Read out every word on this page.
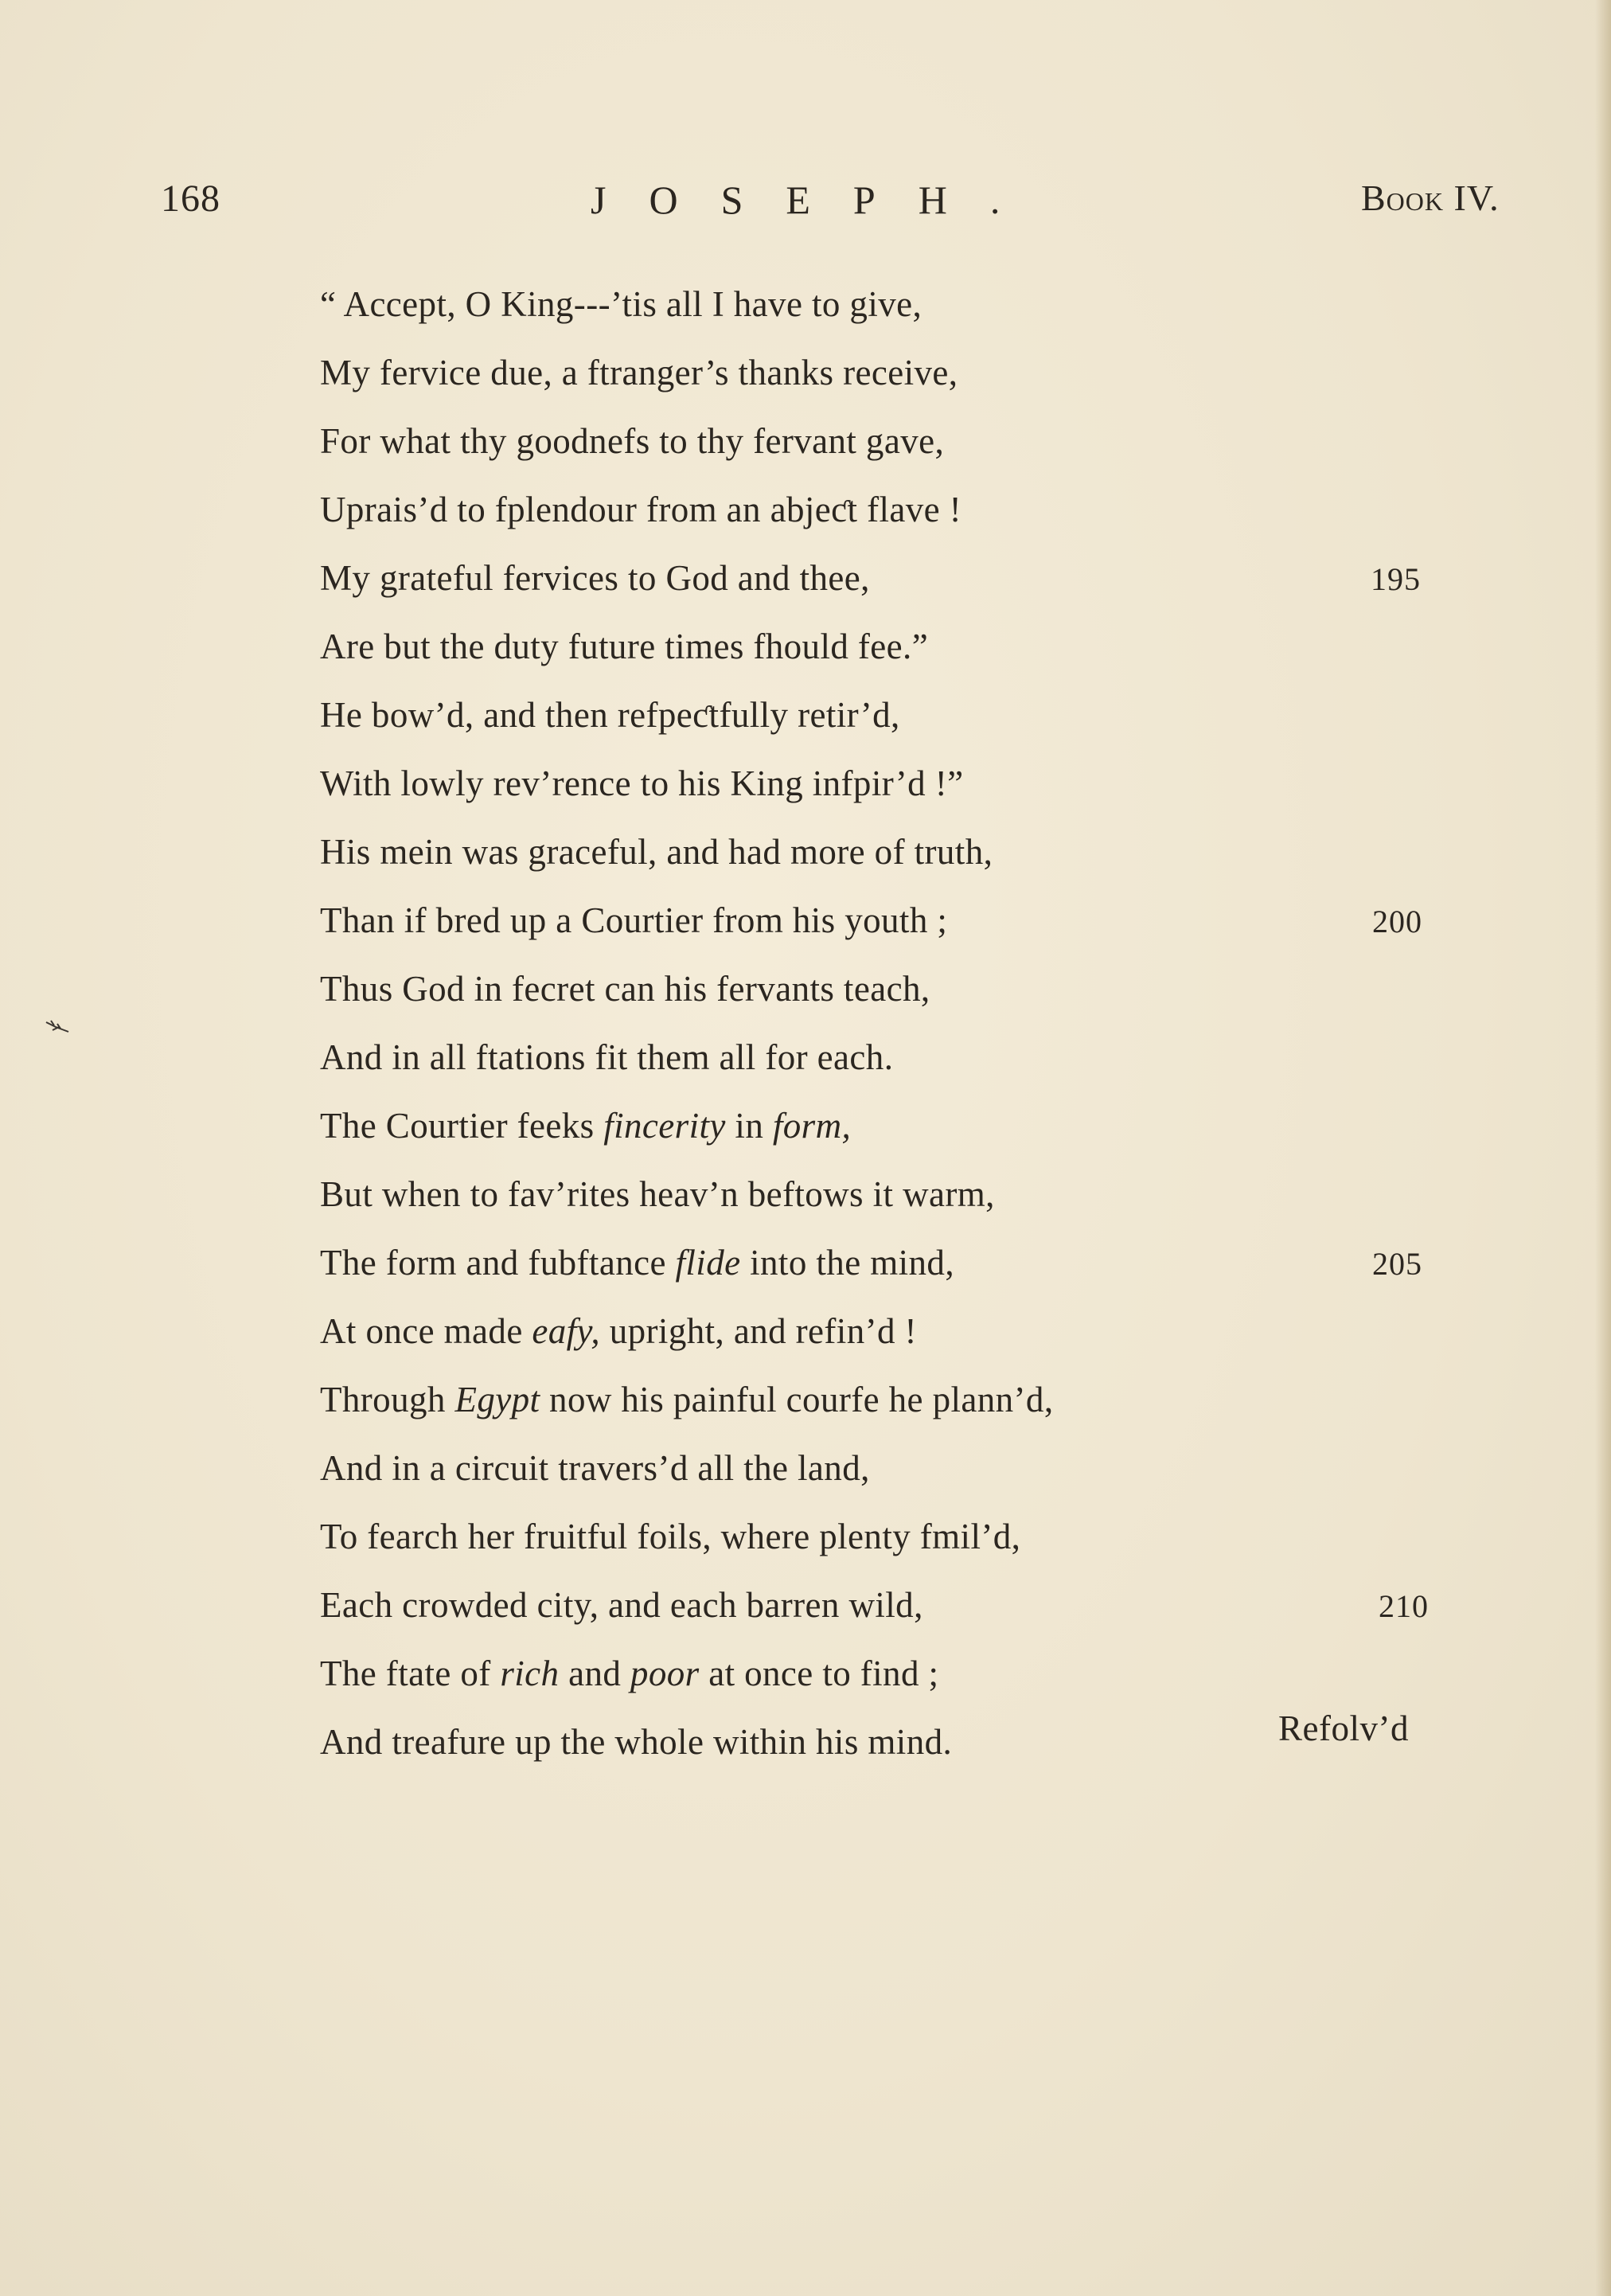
168	JOSEPH.	Book IV.
“ Accept, O King---’tis all I have to give,
My fervice due, a ftranger’s thanks receive,
For what thy goodnefs to thy fervant gave,
Uprais’d to fplendour from an abjeƈt flave !
My grateful fervices to God and thee,
Are but the duty future times fhould fee.”
He bow’d, and then refpeƈtfully retir’d,
With lowly rev’rence to his King infpir’d !”
His mein was graceful, and had more of truth,
Than if bred up a Courtier from his youth ;
Thus God in fecret can his fervants teach,
And in all ftations fit them all for each.
The Courtier feeks fincerity in form,
But when to fav’rites heav’n beftows it warm,
The form and fubftance flide into the mind,
At once made eafy, upright, and refin’d !
Through Egypt now his painful courfe he plann’d,
And in a circuit travers’d all the land,
To fearch her fruitful foils, where plenty fmil’d,
Each crowded city, and each barren wild,
The ftate of rich and poor at once to find ;
And treafure up the whole within his mind.
195
200
205
210
Refolv’d
